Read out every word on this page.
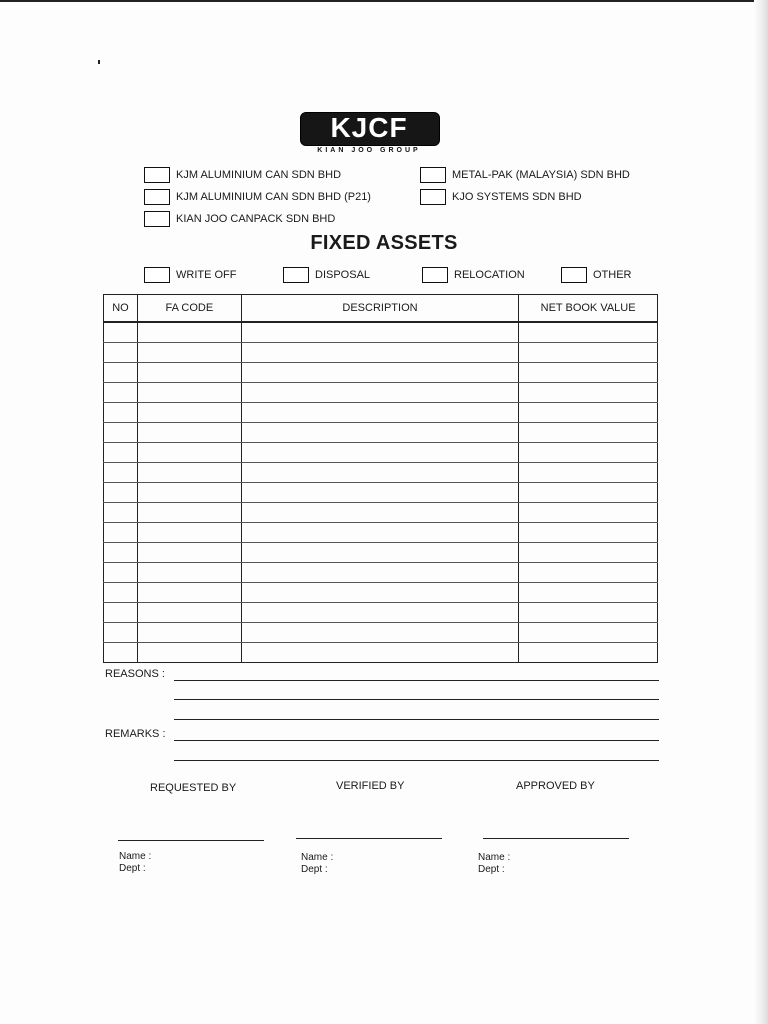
KJCF
KIAN JOO GROUP
KJM ALUMINIUM CAN SDN BHD
KJM ALUMINIUM CAN SDN BHD (P21)
KIAN JOO CANPACK SDN BHD
METAL-PAK (MALAYSIA) SDN BHD
KJO SYSTEMS SDN BHD
FIXED ASSETS
WRITE OFF	DISPOSAL	RELOCATION	OTHER
NO	FA CODE	DESCRIPTION	NET BOOK VALUE

REASONS :
REMARKS :
REQUESTED BY	VERIFIED BY	APPROVED BY
Name :
Dept :
Name :
Dept :
Name :
Dept :
